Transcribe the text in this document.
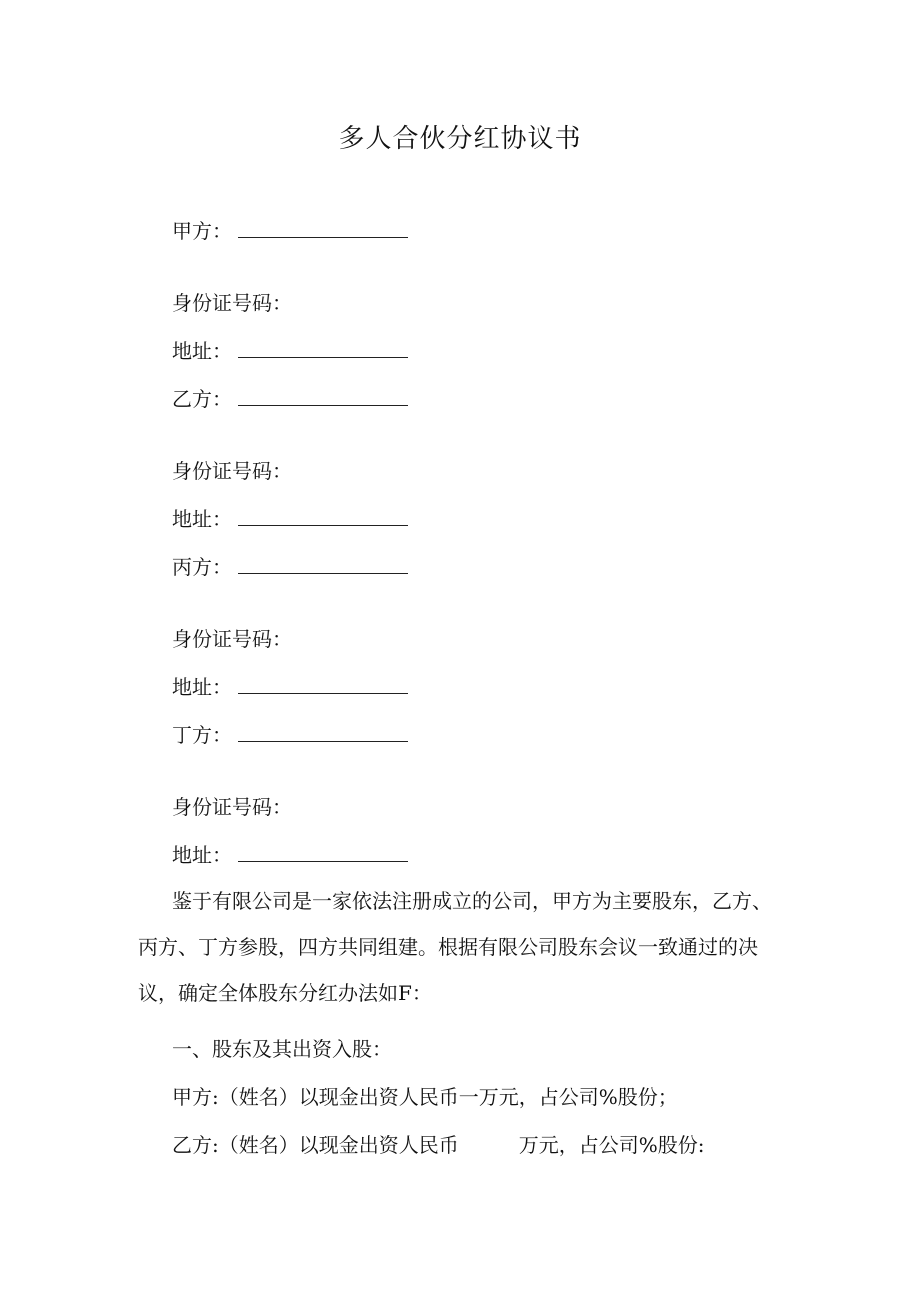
多人合伙分红协议书
甲方：
身份证号码：
地址：
乙方：
身份证号码：
地址：
丙方：
身份证号码：
地址：
丁方：
身份证号码：
地址：
鉴于有限公司是一家依法注册成立的公司，甲方为主要股东，乙方、丙方、丁方参股，四方共同组建。根据有限公司股东会议一致通过的决议，确定全体股东分红办法如F：
一、股东及其出资入股：
甲方:（姓名）以现金出资人民币一万元，占公司%股份；
乙方:（姓名）以现金出资人民币	万元，占公司%股份:
